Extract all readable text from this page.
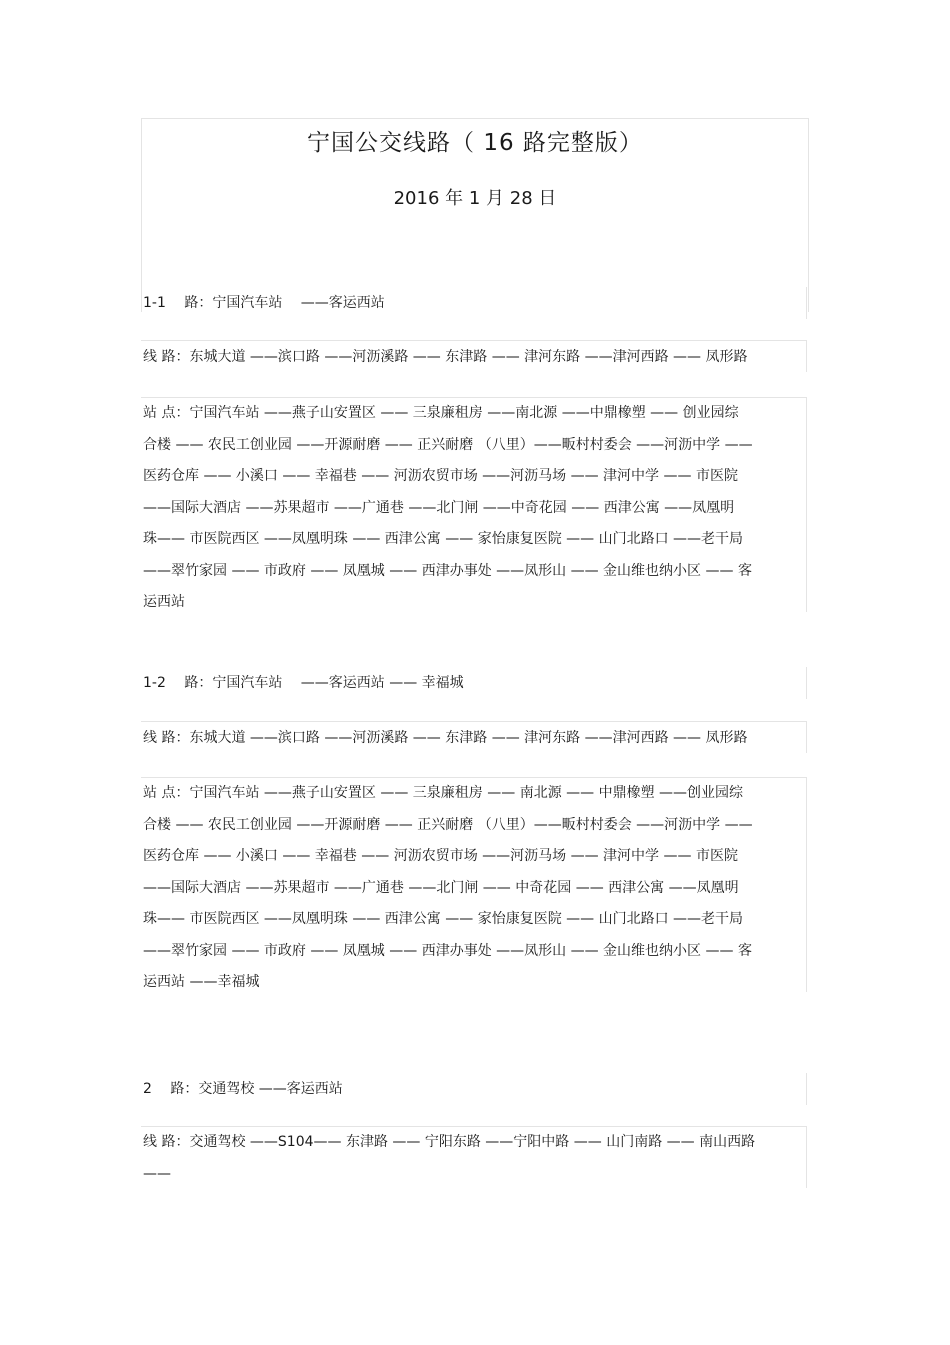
宁国公交线路（ 16 路完整版）
2016 年 1 月 28 日
1-1　 路：宁国汽车站 　——客运西站
线 路：东城大道 ——滨口路 ——河沥溪路 —— 东津路 —— 津河东路 ——津河西路 —— 凤形路
站 点：宁国汽车站 ——燕子山安置区 —— 三泉廉租房 ——南北源 ——中鼎橡塑 —— 创业园综
合楼 —— 农民工创业园 ——开源耐磨 —— 正兴耐磨 （八里）——畈村村委会 ——河沥中学 ——
医药仓库 —— 小溪口 —— 幸福巷 —— 河沥农贸市场 ——河沥马场 —— 津河中学 —— 市医院
——国际大酒店 ——苏果超市 ——广通巷 ——北门闸 ——中奇花园 —— 西津公寓 ——凤凰明
珠—— 市医院西区 ——凤凰明珠 —— 西津公寓 —— 家怡康复医院 —— 山门北路口 ——老干局
——翠竹家园 —— 市政府 —— 凤凰城 —— 西津办事处 ——凤形山 —— 金山维也纳小区 —— 客
运西站
1-2　 路：宁国汽车站 　——客运西站 —— 幸福城
线 路：东城大道 ——滨口路 ——河沥溪路 —— 东津路 —— 津河东路 ——津河西路 —— 凤形路
站 点：宁国汽车站 ——燕子山安置区 —— 三泉廉租房 —— 南北源 —— 中鼎橡塑 ——创业园综
合楼 —— 农民工创业园 ——开源耐磨 —— 正兴耐磨 （八里）——畈村村委会 ——河沥中学 ——
医药仓库 —— 小溪口 —— 幸福巷 —— 河沥农贸市场 ——河沥马场 —— 津河中学 —— 市医院
——国际大酒店 ——苏果超市 ——广通巷 ——北门闸 —— 中奇花园 —— 西津公寓 ——凤凰明
珠—— 市医院西区 ——凤凰明珠 —— 西津公寓 —— 家怡康复医院 —— 山门北路口 ——老干局
——翠竹家园 —— 市政府 —— 凤凰城 —— 西津办事处 ——凤形山 —— 金山维也纳小区 —— 客
运西站 ——幸福城
2　 路：交通驾校 ——客运西站
线 路：交通驾校 ——S104—— 东津路 —— 宁阳东路 ——宁阳中路 —— 山门南路 —— 南山西路
——
